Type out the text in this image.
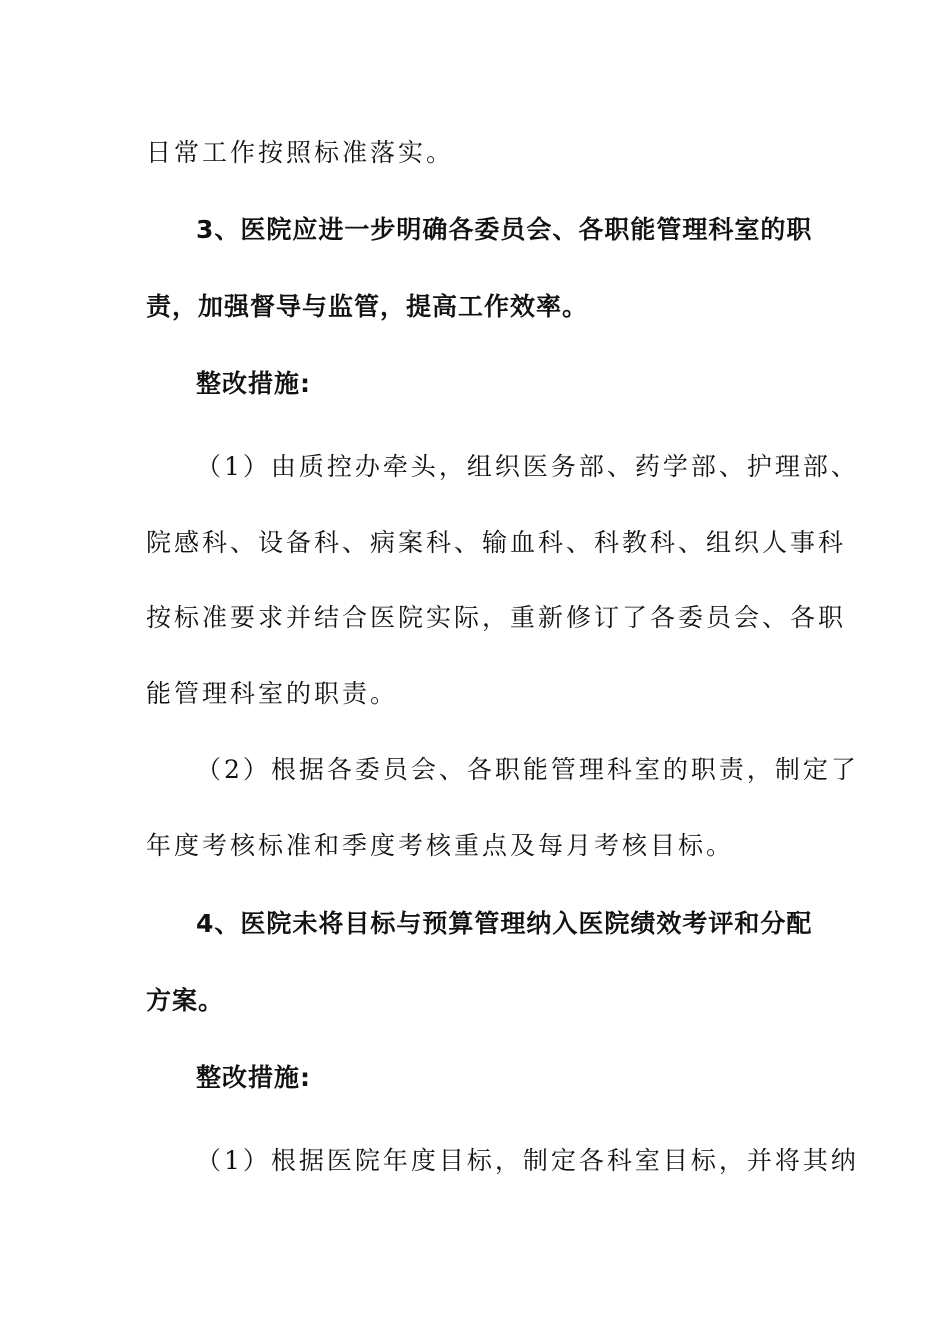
日常工作按照标准落实。
3、医院应进一步明确各委员会、各职能管理科室的职
责，加强督导与监管，提高工作效率。
整改措施:
（1）由质控办牵头，组织医务部、药学部、护理部、
院感科、设备科、病案科、输血科、科教科、组织人事科
按标准要求并结合医院实际，重新修订了各委员会、各职
能管理科室的职责。
（2）根据各委员会、各职能管理科室的职责，制定了
年度考核标准和季度考核重点及每月考核目标。
4、医院未将目标与预算管理纳入医院绩效考评和分配
方案。
整改措施:
（1）根据医院年度目标，制定各科室目标，并将其纳
